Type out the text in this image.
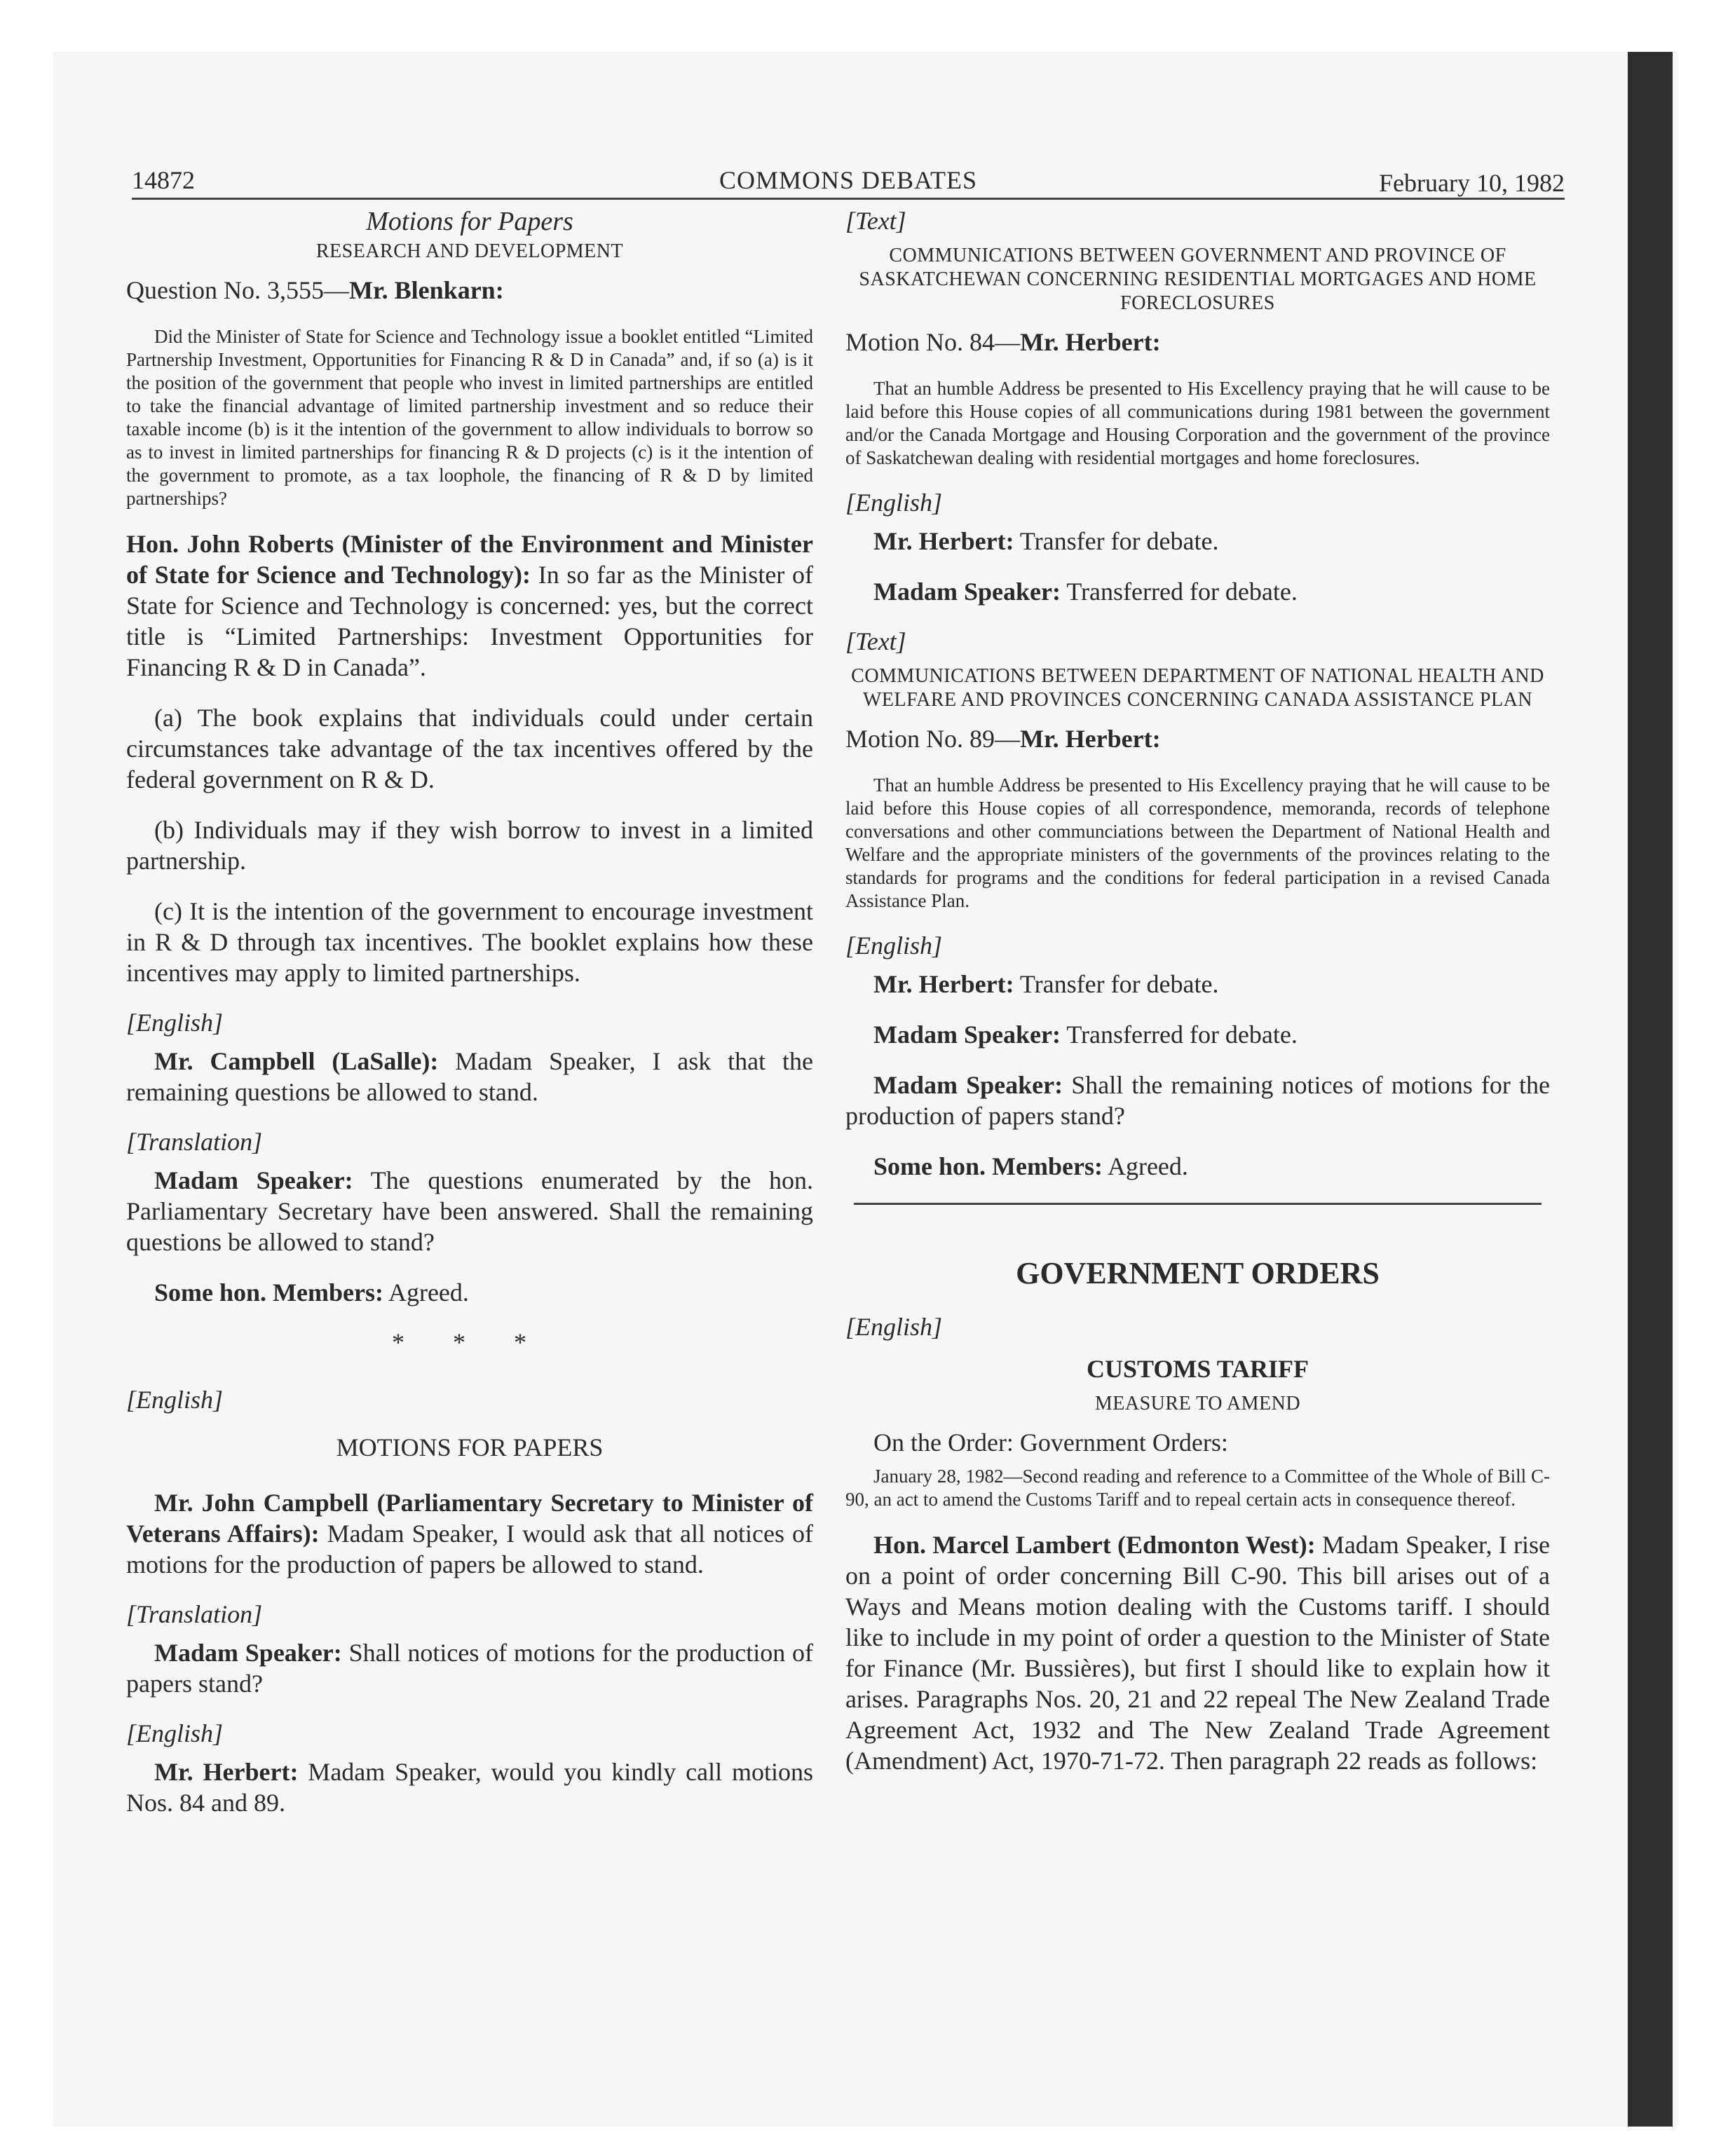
14872	COMMONS DEBATES	February 10, 1982
Motions for Papers
RESEARCH AND DEVELOPMENT

Question No. 3,555—Mr. Blenkarn:

Did the Minister of State for Science and Technology issue a booklet entitled “Limited Partnership Investment, Opportunities for Financing R & D in Canada” and, if so (a) is it the position of the government that people who invest in limited partnerships are entitled to take the financial advantage of limited partnership investment and so reduce their taxable income (b) is it the intention of the government to allow individuals to borrow so as to invest in limited partnerships for financing R & D projects (c) is it the intention of the government to promote, as a tax loophole, the financing of R & D by limited partnerships?

Hon. John Roberts (Minister of the Environment and Minister of State for Science and Technology): In so far as the Minister of State for Science and Technology is concerned: yes, but the correct title is “Limited Partnerships: Investment Opportunities for Financing R & D in Canada”.

(a) The book explains that individuals could under certain circumstances take advantage of the tax incentives offered by the federal government on R & D.

(b) Individuals may if they wish borrow to invest in a limited partnership.

(c) It is the intention of the government to encourage investment in R & D through tax incentives. The booklet explains how these incentives may apply to limited partnerships.

[English]

Mr. Campbell (LaSalle): Madam Speaker, I ask that the remaining questions be allowed to stand.

[Translation]

Madam Speaker: The questions enumerated by the hon. Parliamentary Secretary have been answered. Shall the remaining questions be allowed to stand?

Some hon. Members: Agreed.

* * *
[English]
MOTIONS FOR PAPERS

Mr. John Campbell (Parliamentary Secretary to Minister of Veterans Affairs): Madam Speaker, I would ask that all notices of motions for the production of papers be allowed to stand.

[Translation]

Madam Speaker: Shall notices of motions for the production of papers stand?

[English]

Mr. Herbert: Madam Speaker, would you kindly call motions Nos. 84 and 89.

[Text]
COMMUNICATIONS BETWEEN GOVERNMENT AND PROVINCE OF SASKATCHEWAN CONCERNING RESIDENTIAL MORTGAGES AND HOME FORECLOSURES

Motion No. 84—Mr. Herbert:

That an humble Address be presented to His Excellency praying that he will cause to be laid before this House copies of all communications during 1981 between the government and/or the Canada Mortgage and Housing Corporation and the government of the province of Saskatchewan dealing with residential mortgages and home foreclosures.

[English]

Mr. Herbert: Transfer for debate.

Madam Speaker: Transferred for debate.

[Text]
COMMUNICATIONS BETWEEN DEPARTMENT OF NATIONAL HEALTH AND WELFARE AND PROVINCES CONCERNING CANADA ASSISTANCE PLAN

Motion No. 89—Mr. Herbert:

That an humble Address be presented to His Excellency praying that he will cause to be laid before this House copies of all correspondence, memoranda, records of telephone conversations and other communciations between the Department of National Health and Welfare and the appropriate ministers of the governments of the provinces relating to the standards for programs and the conditions for federal participation in a revised Canada Assistance Plan.

[English]

Mr. Herbert: Transfer for debate.

Madam Speaker: Transferred for debate.

Madam Speaker: Shall the remaining notices of motions for the production of papers stand?

Some hon. Members: Agreed.

GOVERNMENT ORDERS
[English]
CUSTOMS TARIFF
MEASURE TO AMEND

On the Order: Government Orders:

January 28, 1982—Second reading and reference to a Committee of the Whole of Bill C-90, an act to amend the Customs Tariff and to repeal certain acts in consequence thereof.

Hon. Marcel Lambert (Edmonton West): Madam Speaker, I rise on a point of order concerning Bill C-90. This bill arises out of a Ways and Means motion dealing with the Customs tariff. I should like to include in my point of order a question to the Minister of State for Finance (Mr. Bussières), but first I should like to explain how it arises. Paragraphs Nos. 20, 21 and 22 repeal The New Zealand Trade Agreement Act, 1932 and The New Zealand Trade Agreement (Amendment) Act, 1970-71-72. Then paragraph 22 reads as follows:
